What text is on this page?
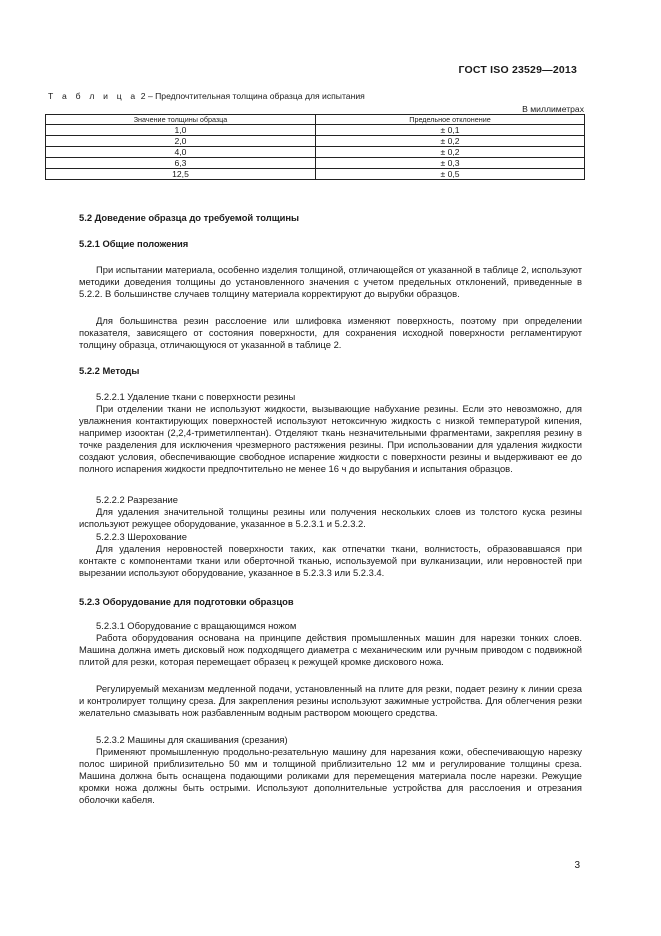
ГОСТ ISO 23529—2013
Т а б л и ц а 2 – Предпочтительная толщина образца для испытания
В миллиметрах
Значение толщины образца	Предельное отклонение
1,0	± 0,1
2,0	± 0,2
4,0	± 0,2
6,3	± 0,3
12,5	± 0,5
5.2 Доведение образца до требуемой толщины
5.2.1 Общие положения

При испытании материала, особенно изделия толщиной, отличающейся от указанной в таблице 2, используют методики доведения толщины до установленного значения с учетом предельных отклонений, приведенные в 5.2.2. В большинстве случаев толщину материала корректируют до вырубки образцов.

Для большинства резин расслоение или шлифовка изменяют поверхность, поэтому при определении показателя, зависящего от состояния поверхности, для сохранения исходной поверхности регламентируют толщину образца, отличающуюся от указанной в таблице 2.

5.2.2 Методы

5.2.2.1 Удаление ткани с поверхности резины

При отделении ткани не используют жидкости, вызывающие набухание резины. Если это невозможно, для увлажнения контактирующих поверхностей используют нетоксичную жидкость с низкой температурой кипения, например изооктан (2,2,4-триметилпентан). Отделяют ткань незначительными фрагментами, закрепляя резину в точке разделения для исключения чрезмерного растяжения резины. При использовании для удаления жидкости создают условия, обеспечивающие свободное испарение жидкости с поверхности резины и выдерживают ее до полного испарения жидкости предпочтительно не менее 16 ч до вырубания и испытания образцов.

5.2.2.2 Разрезание

Для удаления значительной толщины резины или получения нескольких слоев из толстого куска резины используют режущее оборудование, указанное в 5.2.3.1 и 5.2.3.2.

5.2.2.3 Шерохование

Для удаления неровностей поверхности таких, как отпечатки ткани, волнистость, образовавшаяся при контакте с компонентами ткани или оберточной тканью, используемой при вулканизации, или неровностей при вырезании используют оборудование, указанное в 5.2.3.3 или 5.2.3.4.

5.2.3 Оборудование для подготовки образцов

5.2.3.1 Оборудование с вращающимся ножом

Работа оборудования основана на принципе действия промышленных машин для нарезки тонких слоев. Машина должна иметь дисковый нож подходящего диаметра с механическим или ручным приводом с подвижной плитой для резки, которая перемещает образец к режущей кромке дискового ножа.

Регулируемый механизм медленной подачи, установленный на плите для резки, подает резину к линии среза и контролирует толщину среза. Для закрепления резины используют зажимные устройства. Для облегчения резки желательно смазывать нож разбавленным водным раствором моющего средства.

5.2.3.2 Машины для скашивания (срезания)

Применяют промышленную продольно-резательную машину для нарезания кожи, обеспечивающую нарезку полос шириной приблизительно 50 мм и толщиной приблизительно 12 мм и регулирование толщины среза. Машина должна быть оснащена подающими роликами для перемещения материала после нарезки. Режущие кромки ножа должны быть острыми. Используют дополнительные устройства для расслоения и отрезания оболочки кабеля.

3
